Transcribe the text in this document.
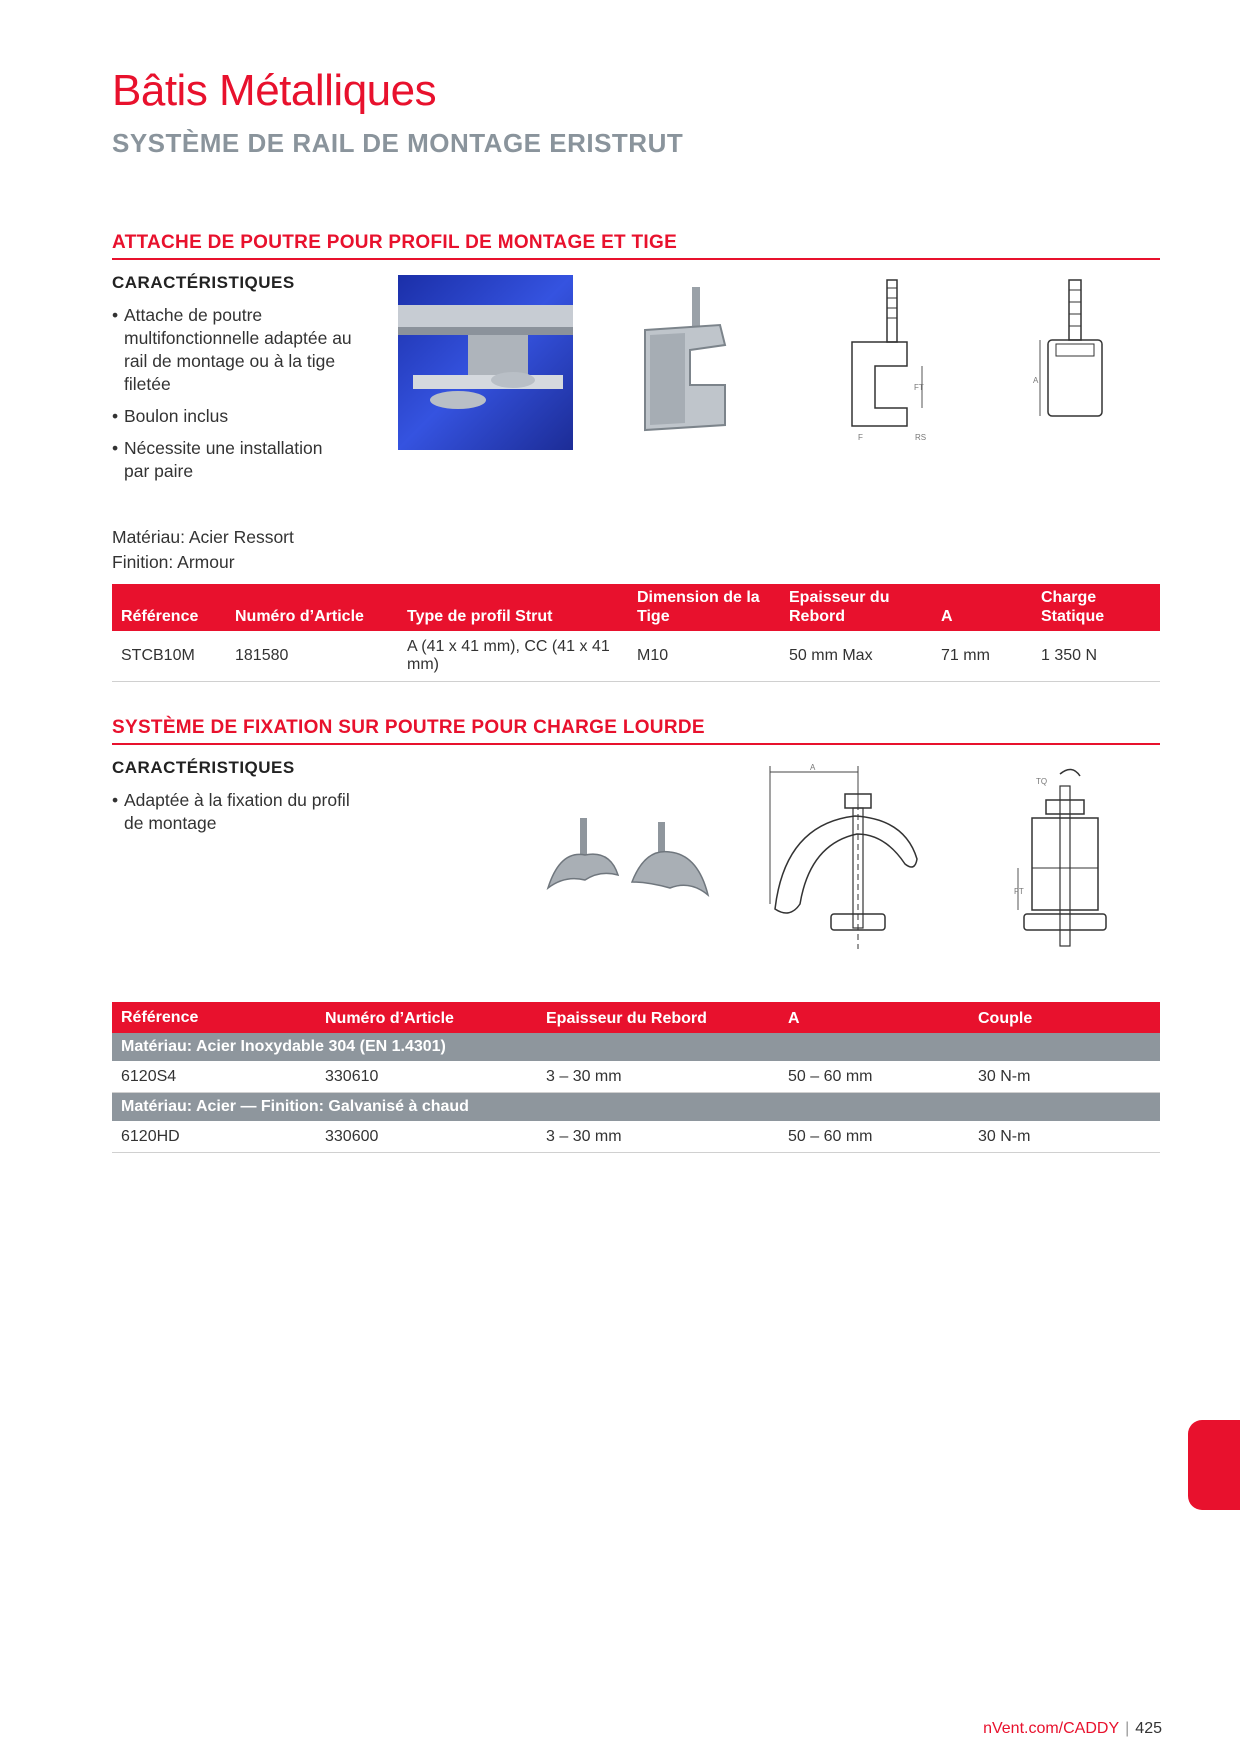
Bâtis Métalliques
SYSTÈME DE RAIL DE MONTAGE ERISTRUT
ATTACHE DE POUTRE POUR PROFIL DE MONTAGE ET TIGE
CARACTÉRISTIQUES
• Attache de poutre multifonctionnelle adaptée au rail de montage ou à la tige filetée
• Boulon inclus
• Nécessite une installation par paire
Matériau: Acier Ressort
Finition: Armour
FT
F	RS
A
Référence	Numéro d’Article	Type de profil Strut	Dimension de la Tige	Epaisseur du Rebord	A	Charge Statique
STCB10M	181580	A (41 x 41 mm), CC (41 x 41 mm)	M10	50 mm Max	71 mm	1 350 N
SYSTÈME DE FIXATION SUR POUTRE POUR CHARGE LOURDE
CARACTÉRISTIQUES
• Adaptée à la fixation du profil de montage
A
TQ
FT
Référence	Numéro d’Article	Epaisseur du Rebord	A	Couple
Matériau: Acier Inoxydable 304 (EN 1.4301)				
6120S4	330610	3 – 30 mm	50 – 60 mm	30 N-m
Matériau: Acier — Finition: Galvanisé à chaud				
6120HD	330600	3 – 30 mm	50 – 60 mm	30 N-m
nVent.com/CADDY | 425
